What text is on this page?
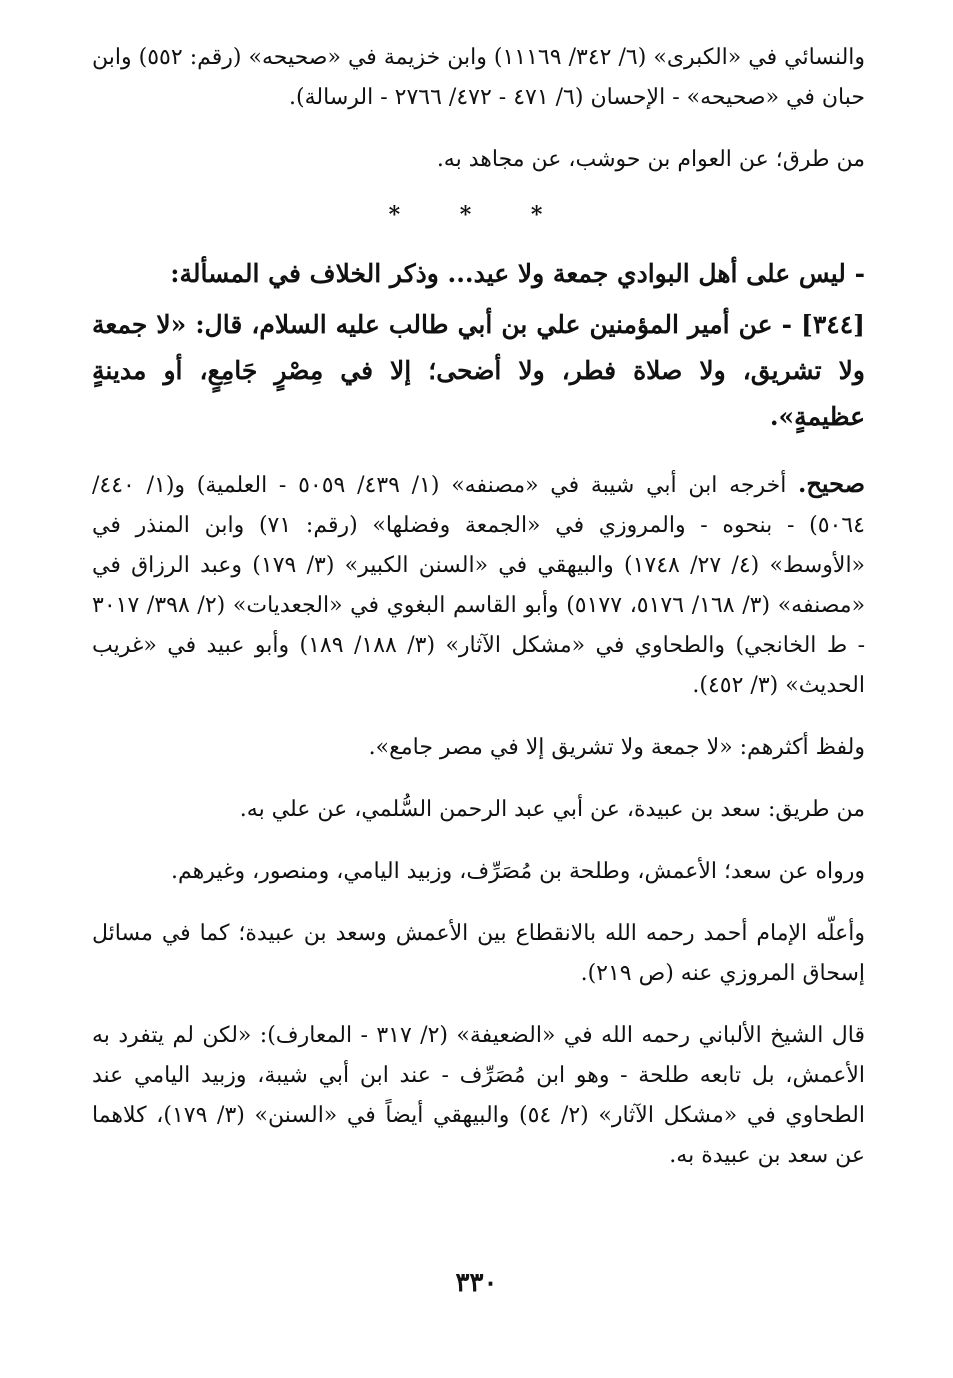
والنسائي في «الكبرى» (٦/ ٣٤٢/ ١١١٦٩) وابن خزيمة في «صحيحه» (رقم: ٥٥٢) وابن حبان في «صحيحه» - الإحسان (٦/ ٤٧١ - ٤٧٢/ ٢٧٦٦ - الرسالة).

من طرق؛ عن العوام بن حوشب، عن مجاهد به.

* * *
- ليس على أهل البوادي جمعة ولا عيد... وذكر الخلاف في المسألة:

[٣٤٤] - عن أمير المؤمنين علي بن أبي طالب عليه السلام، قال: «لا جمعة ولا تشريق، ولا صلاة فطر، ولا أضحى؛ إلا في مِصْرٍ جَامِعٍ، أو مدينةٍ عظيمةٍ».

صحيح. أخرجه ابن أبي شيبة في «مصنفه» (١/ ٤٣٩/ ٥٠٥٩ - العلمية) و(١/ ٤٤٠/ ٥٠٦٤) - بنحوه - والمروزي في «الجمعة وفضلها» (رقم: ٧١) وابن المنذر في «الأوسط» (٤/ ٢٧/ ١٧٤٨) والبيهقي في «السنن الكبير» (٣/ ١٧٩) وعبد الرزاق في «مصنفه» (٣/ ١٦٨/ ٥١٧٦، ٥١٧٧) وأبو القاسم البغوي في «الجعديات» (٢/ ٣٩٨/ ٣٠١٧ - ط الخانجي) والطحاوي في «مشكل الآثار» (٣/ ١٨٨/ ١٨٩) وأبو عبيد في «غريب الحديث» (٣/ ٤٥٢).

ولفظ أكثرهم: «لا جمعة ولا تشريق إلا في مصر جامع».

من طريق: سعد بن عبيدة، عن أبي عبد الرحمن السُّلمي، عن علي به.

ورواه عن سعد؛ الأعمش، وطلحة بن مُصَرِّف، وزبيد اليامي، ومنصور، وغيرهم.

وأعلّه الإمام أحمد رحمه الله بالانقطاع بين الأعمش وسعد بن عبيدة؛ كما في مسائل إسحاق المروزي عنه (ص ٢١٩).

قال الشيخ الألباني رحمه الله في «الضعيفة» (٢/ ٣١٧ - المعارف): «لكن لم يتفرد به الأعمش، بل تابعه طلحة - وهو ابن مُصَرِّف - عند ابن أبي شيبة، وزبيد اليامي عند الطحاوي في «مشكل الآثار» (٢/ ٥٤) والبيهقي أيضاً في «السنن» (٣/ ١٧٩)، كلاهما عن سعد بن عبيدة به.

٣٣٠
